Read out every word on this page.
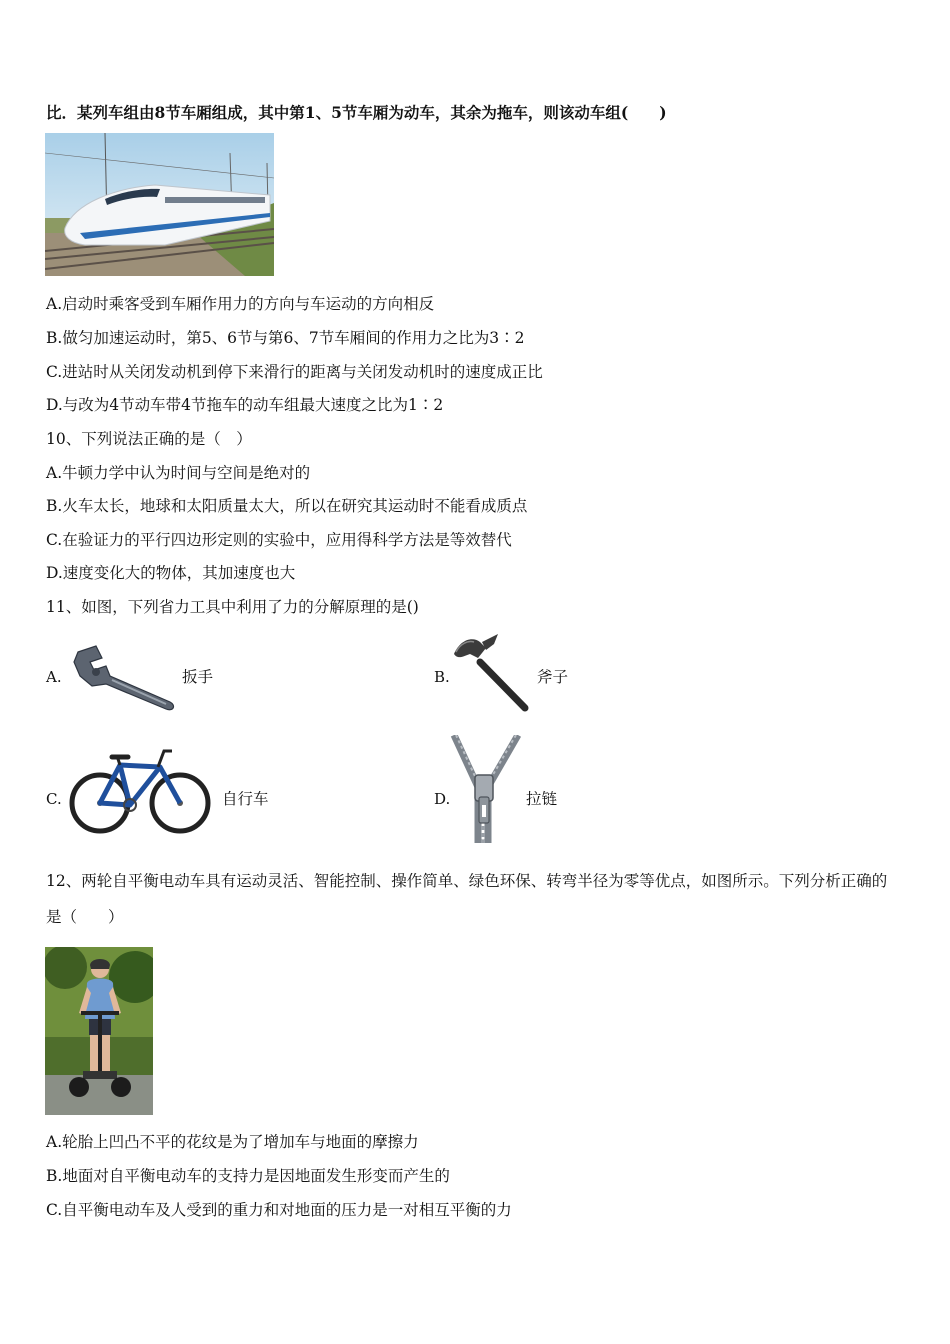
比．某列车组由8节车厢组成，其中第1、5节车厢为动车，其余为拖车，则该动车组(　　)
A.启动时乘客受到车厢作用力的方向与车运动的方向相反
B.做匀加速运动时，第5、6节与第6、7节车厢间的作用力之比为3∶2
C.进站时从关闭发动机到停下来滑行的距离与关闭发动机时的速度成正比
D.与改为4节动车带4节拖车的动车组最大速度之比为1∶2
10、下列说法正确的是（　）
A.牛顿力学中认为时间与空间是绝对的
B.火车太长，地球和太阳质量太大，所以在研究其运动时不能看成质点
C.在验证力的平行四边形定则的实验中，应用得科学方法是等效替代
D.速度变化大的物体，其加速度也大
11、如图，下列省力工具中利用了力的分解原理的是()
A.	扳手	B.	斧子
C.	自行车	D.	拉链
12、两轮自平衡电动车具有运动灵活、智能控制、操作简单、绿色环保、转弯半径为零等优点，如图所示。下列分析正确的
是（　　）
A.轮胎上凹凸不平的花纹是为了增加车与地面的摩擦力
B.地面对自平衡电动车的支持力是因地面发生形变而产生的
C.自平衡电动车及人受到的重力和对地面的压力是一对相互平衡的力
